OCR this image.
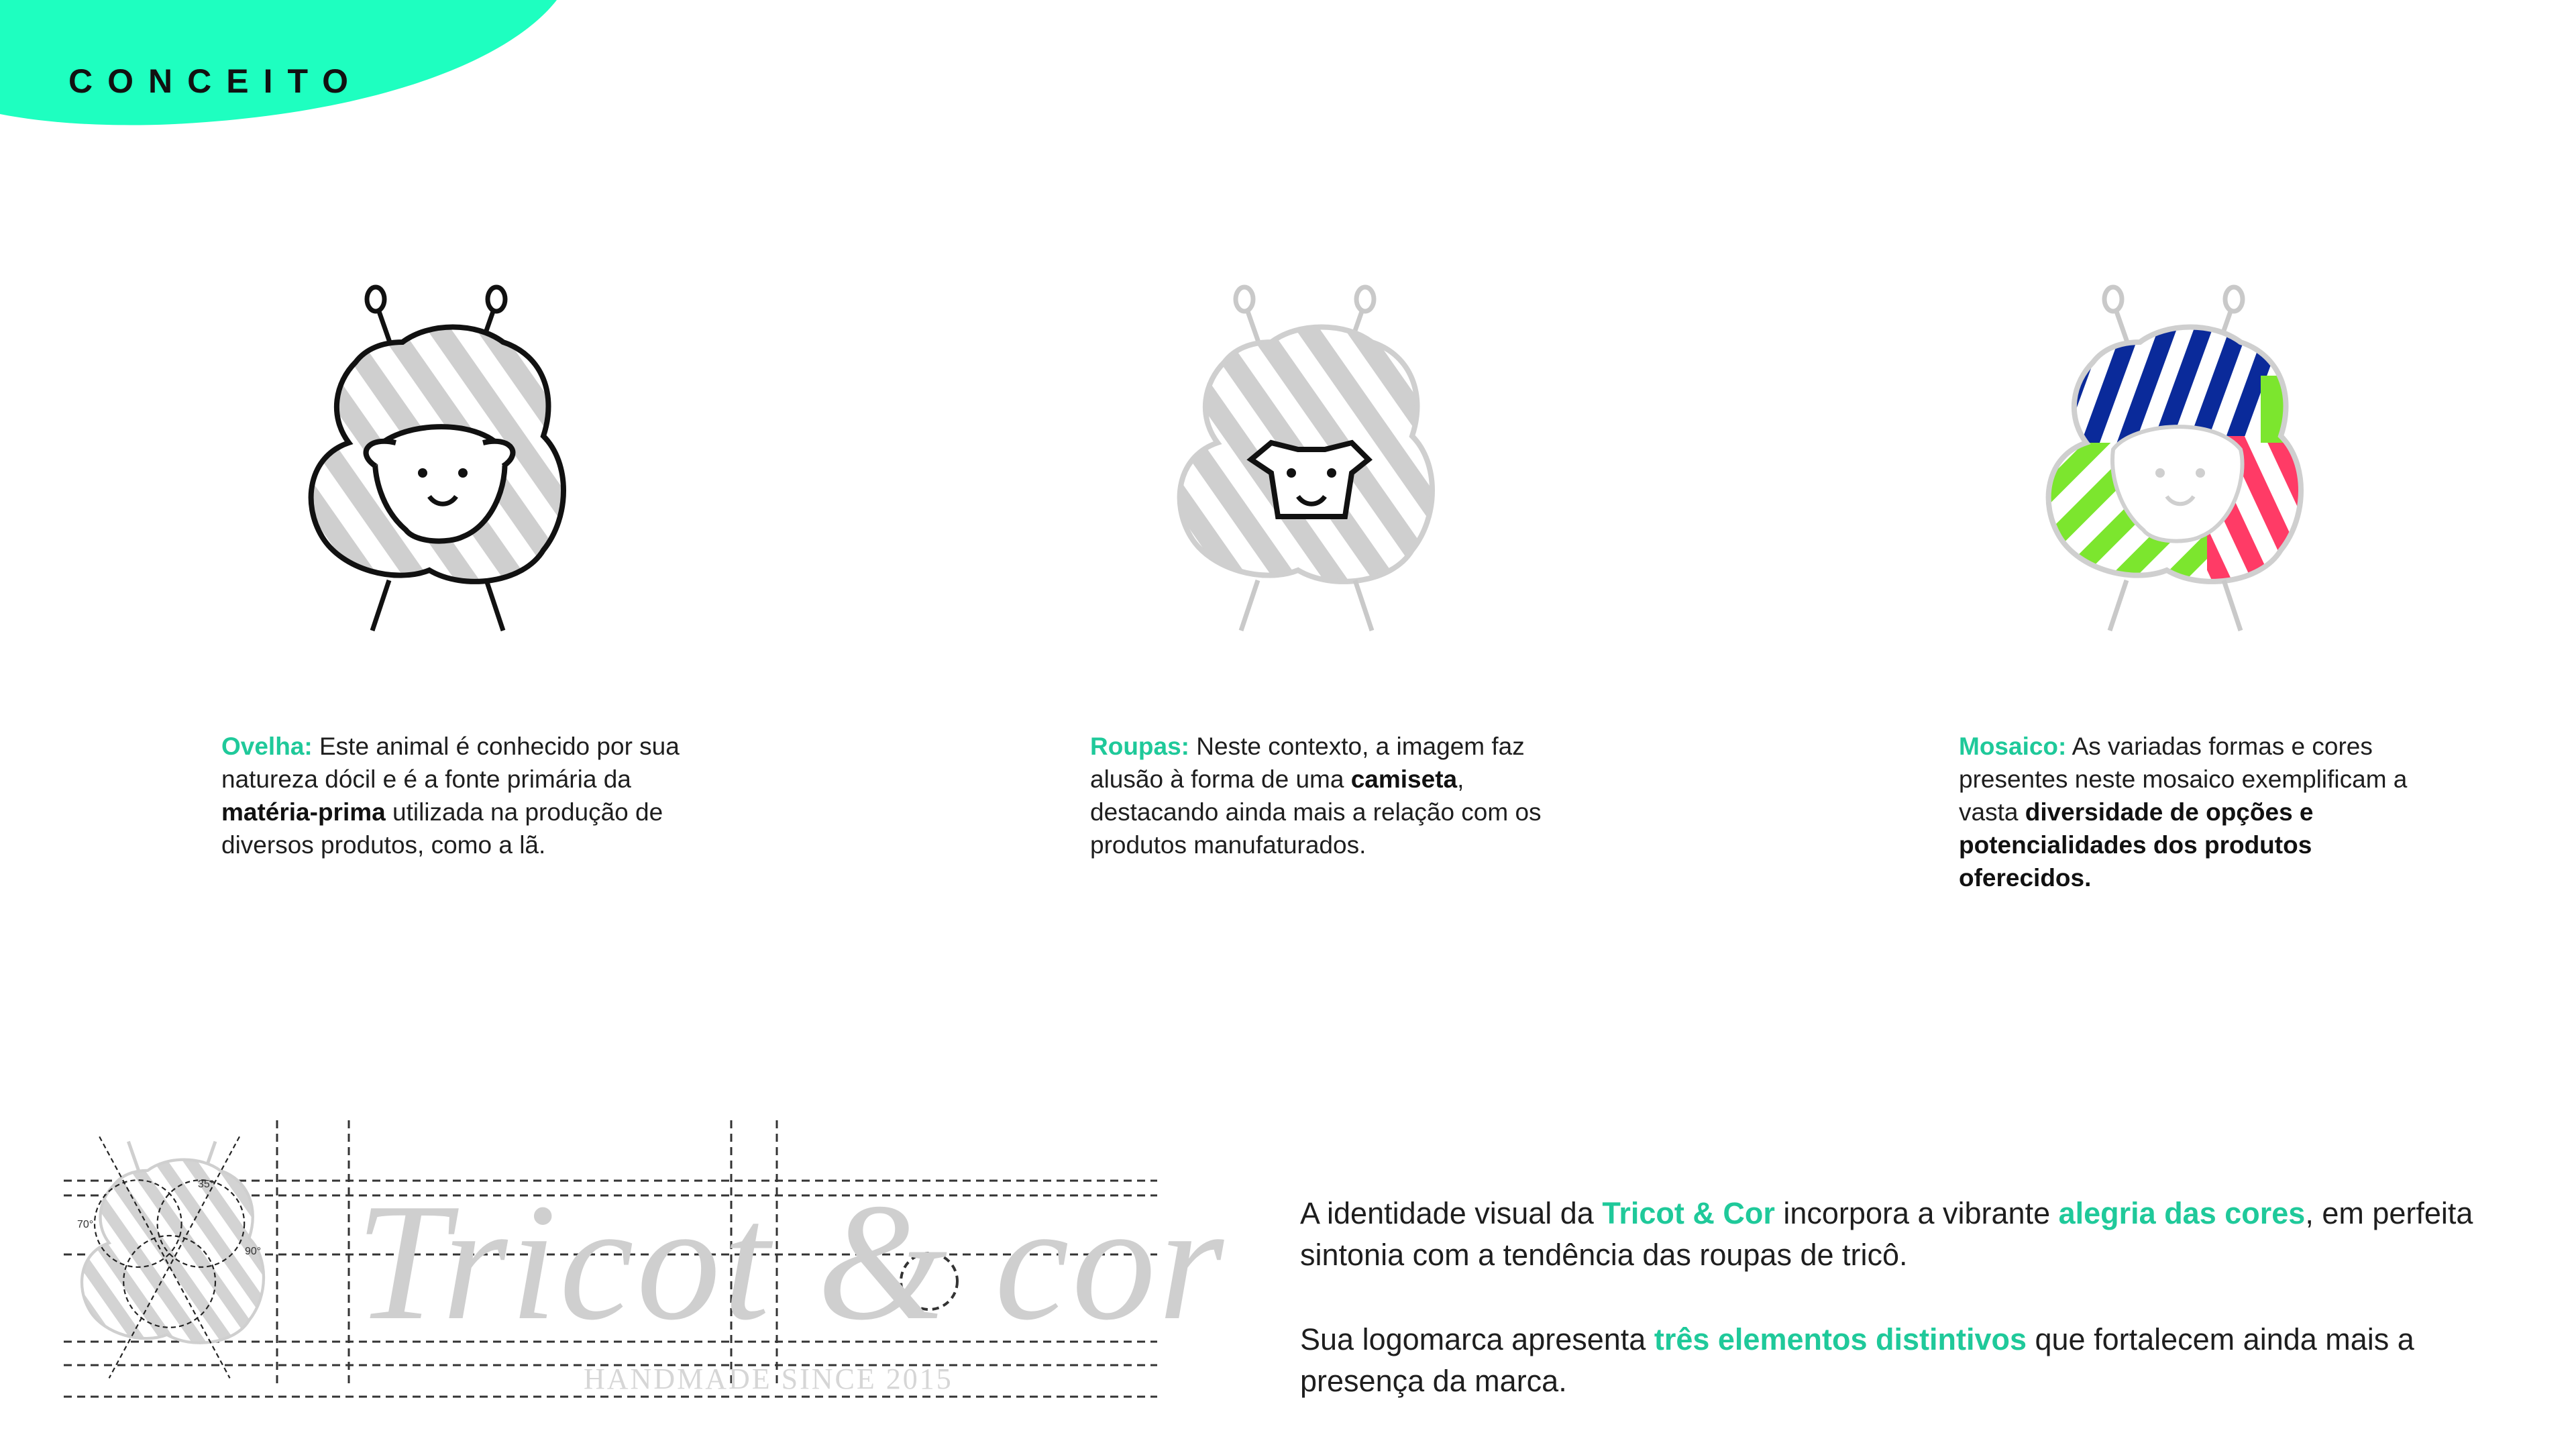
CONCEITO
Ovelha: Este animal é conhecido por sua natureza dócil e é a fonte primária da matéria-prima utilizada na produção de diversos produtos, como a lã.
Roupas: Neste contexto, a imagem faz alusão à forma de uma camiseta, destacando ainda mais a relação com os produtos manufaturados.
Mosaico: As variadas formas e cores presentes neste mosaico exemplificam a vasta diversidade de opções e potencialidades dos produtos oferecidos.
70°
35°
90° Tricot & cor
HANDMADE SINCE 2015

A identidade visual da Tricot & Cor incorpora a vibrante alegria das cores, em perfeita sintonia com a tendência das roupas de tricô.

Sua logomarca apresenta três elementos distintivos que fortalecem ainda mais a presença da marca.
